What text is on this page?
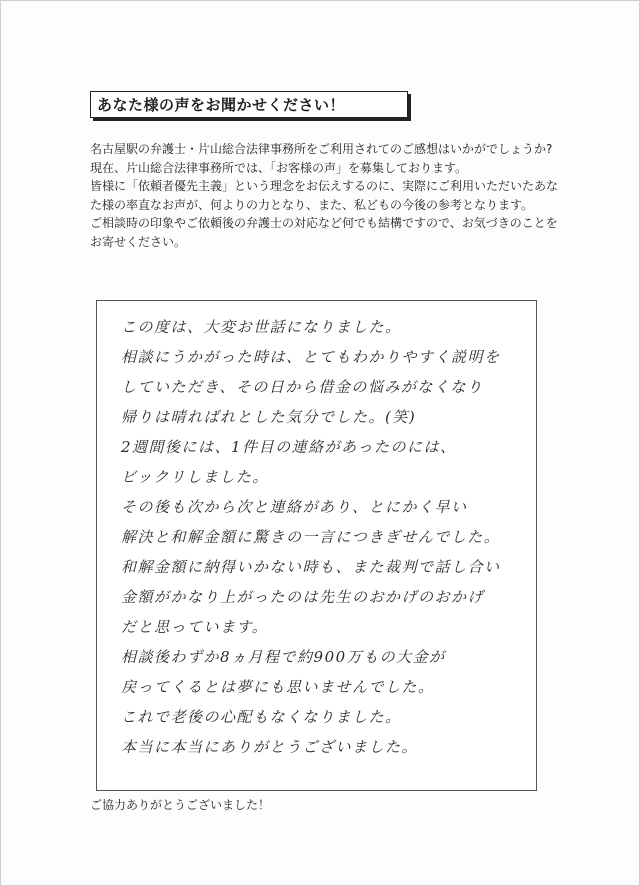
あなた様の声をお聞かせください！

名古屋駅の弁護士・片山総合法律事務所をご利用されてのご感想はいかがでしょうか?

現在、片山総合法律事務所では、「お客様の声」を募集しております。

皆様に「依頼者優先主義」という理念をお伝えするのに、実際にご利用いただいたあなた様の率直なお声が、何よりの力となり、また、私どもの今後の参考となります。

ご相談時の印象やご依頼後の弁護士の対応など何でも結構ですので、お気づきのことをお寄せください。

この度は、大変お世話になりました。
相談にうかがった時は、とてもわかりやすく説明を
していただき、その日から借金の悩みがなくなり
帰りは晴ればれとした気分でした。(笑)
2週間後には、1件目の連絡があったのには、
ビックリしました。
その後も次から次と連絡があり、とにかく早い
解決と和解金額に驚きの一言につきぎせんでした。
和解金額に納得いかない時も、また裁判で話し合い
金額がかなり上がったのは先生のおかげのおかげ
だと思っています。
相談後わずか8ヵ月程で約900万もの大金が
戻ってくるとは夢にも思いませんでした。
これで老後の心配もなくなりました。
本当に本当にありがとうございました。
ご協力ありがとうございました！
